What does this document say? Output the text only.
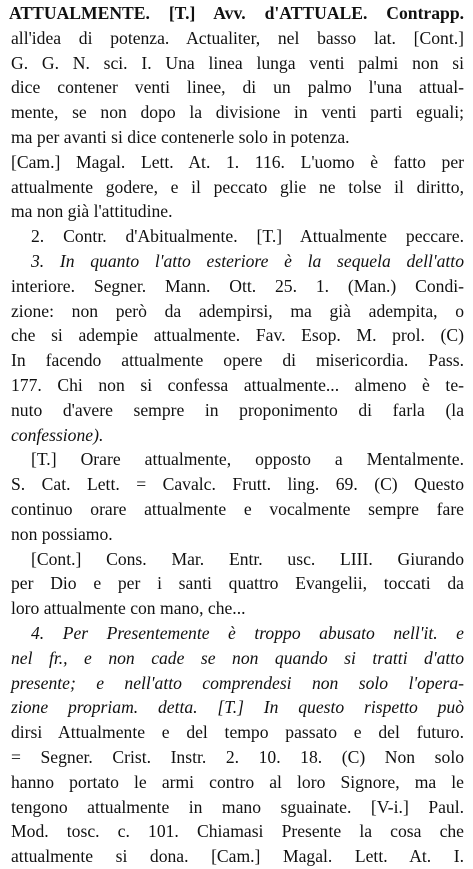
ATTUALMENTE. [T.] Avv. d'ATTUALE. Contrapp.
all'idea di potenza. Actualiter, nel basso lat. [Cont.]
G. G. N. sci. I. Una linea lunga venti palmi non si
dice contener venti linee, di un palmo l'una attual-
mente, se non dopo la divisione in venti parti eguali;
ma per avanti si dice contenerle solo in potenza.
[Cam.] Magal. Lett. At. 1. 116. L'uomo è fatto per
attualmente godere, e il peccato glie ne tolse il diritto,
ma non già l'attitudine.
2. Contr. d'Abitualmente. [T.] Attualmente peccare.
3. In quanto l'atto esteriore è la sequela dell'atto
interiore. Segner. Mann. Ott. 25. 1. (Man.) Condi-
zione: non però da adempirsi, ma già adempita, o
che si adempie attualmente. Fav. Esop. M. prol. (C)
In facendo attualmente opere di misericordia. Pass.
177. Chi non si confessa attualmente... almeno è te-
nuto d'avere sempre in proponimento di farla (la
confessione).
[T.] Orare attualmente, opposto a Mentalmente.
S. Cat. Lett. = Cavalc. Frutt. ling. 69. (C) Questo
continuo orare attualmente e vocalmente sempre fare
non possiamo.
[Cont.] Cons. Mar. Entr. usc. LIII. Giurando
per Dio e per i santi quattro Evangelii, toccati da
loro attualmente con mano, che...
4. Per Presentemente è troppo abusato nell'it. e
nel fr., e non cade se non quando si tratti d'atto
presente; e nell'atto comprendesi non solo l'opera-
zione propriam. detta. [T.] In questo rispetto può
dirsi Attualmente e del tempo passato e del futuro.
= Segner. Crist. Instr. 2. 10. 18. (C) Non solo
hanno portato le armi contro al loro Signore, ma le
tengono attualmente in mano sguainate. [V-i.] Paul.
Mod. tosc. c. 101. Chiamasi Presente la cosa che
attualmente si dona. [Cam.] Magal. Lett. At. I.
